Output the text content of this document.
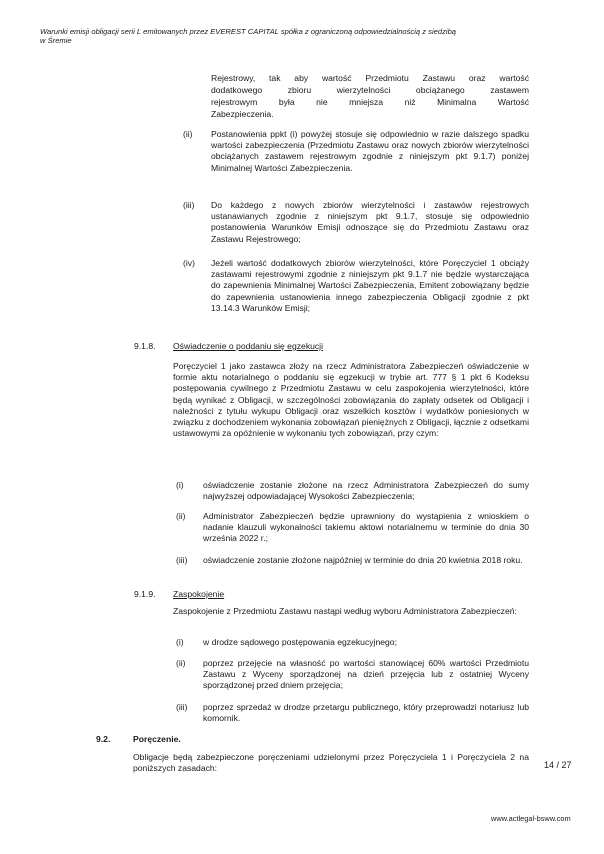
Warunki emisji obligacji serii L emitowanych przez EVEREST CAPITAL spółka z ograniczoną odpowiedzialnością z siedzibą
w Śremie
Rejestrowy, tak aby wartość Przedmiotu Zastawu oraz wartość
dodatkowego zbioru wierzytelności obciążanego zastawem
rejestrowym była nie mniejsza niż Minimalna Wartość
Zabezpieczenia.
(ii) Postanowienia ppkt (i) powyżej stosuje się odpowiednio w razie dalszego spadku wartości zabezpieczenia (Przedmiotu Zastawu oraz nowych zbiorów wierzytelności obciążanych zastawem rejestrowym zgodnie z niniejszym pkt 9.1.7) poniżej Minimalnej Wartości Zabezpieczenia.
(iii) Do każdego z nowych zbiorów wierzytelności i zastawów rejestrowych ustanawianych zgodnie z niniejszym pkt 9.1.7, stosuje się odpowiednio postanowienia Warunków Emisji odnoszące się do Przedmiotu Zastawu oraz Zastawu Rejestrowego;
(iv) Jeżeli wartość dodatkowych zbiorów wierzytelności, które Poręczyciel 1 obciąży zastawami rejestrowymi zgodnie z niniejszym pkt 9.1.7 nie będzie wystarczająca do zapewnienia Minimalnej Wartości Zabezpieczenia, Emitent zobowiązany będzie do zapewnienia ustanowienia innego zabezpieczenia Obligacji zgodnie z pkt 13.14.3 Warunków Emisji;
9.1.8. Oświadczenie o poddaniu się egzekucji
Poręczyciel 1 jako zastawca złoży na rzecz Administratora Zabezpieczeń oświadczenie w formie aktu notarialnego o poddaniu się egzekucji w trybie art. 777 § 1 pkt 6 Kodeksu postępowania cywilnego z Przedmiotu Zastawu w celu zaspokojenia wierzytelności, które będą wynikać z Obligacji, w szczególności zobowiązania do zapłaty odsetek od Obligacji i należności z tytułu wykupu Obligacji oraz wszelkich kosztów i wydatków poniesionych w związku z dochodzeniem wykonania zobowiązań pieniężnych z Obligacji, łącznie z odsetkami ustawowymi za opóźnienie w wykonaniu tych zobowiązań, przy czym:
(i) oświadczenie zostanie złożone na rzecz Administratora Zabezpieczeń do sumy najwyższej odpowiadającej Wysokości Zabezpieczenia;
(ii) Administrator Zabezpieczeń będzie uprawniony do wystąpienia z wnioskiem o nadanie klauzuli wykonalności takiemu aktowi notarialnemu w terminie do dnia 30 września 2022 r.;
(iii) oświadczenie zostanie złożone najpóźniej w terminie do dnia 20 kwietnia 2018 roku.
9.1.9. Zaspokojenie
Zaspokojenie z Przedmiotu Zastawu nastąpi według wyboru Administratora Zabezpieczeń:
(i) w drodze sądowego postępowania egzekucyjnego;
(ii) poprzez przejęcie na własność po wartości stanowiącej 60% wartości Przedmiotu Zastawu z Wyceny sporządzonej na dzień przejęcia lub z ostatniej Wyceny sporządzonej przed dniem przejęcia;
(iii) poprzez sprzedaż w drodze przetargu publicznego, który przeprowadzi notariusz lub komornik.
9.2.	Poręczenie.
Obligacje będą zabezpieczone poręczeniami udzielonymi przez Poręczyciela 1 i Poręczyciela 2 na poniższych zasadach:	14 / 27
www.actlegal-bsww.com
